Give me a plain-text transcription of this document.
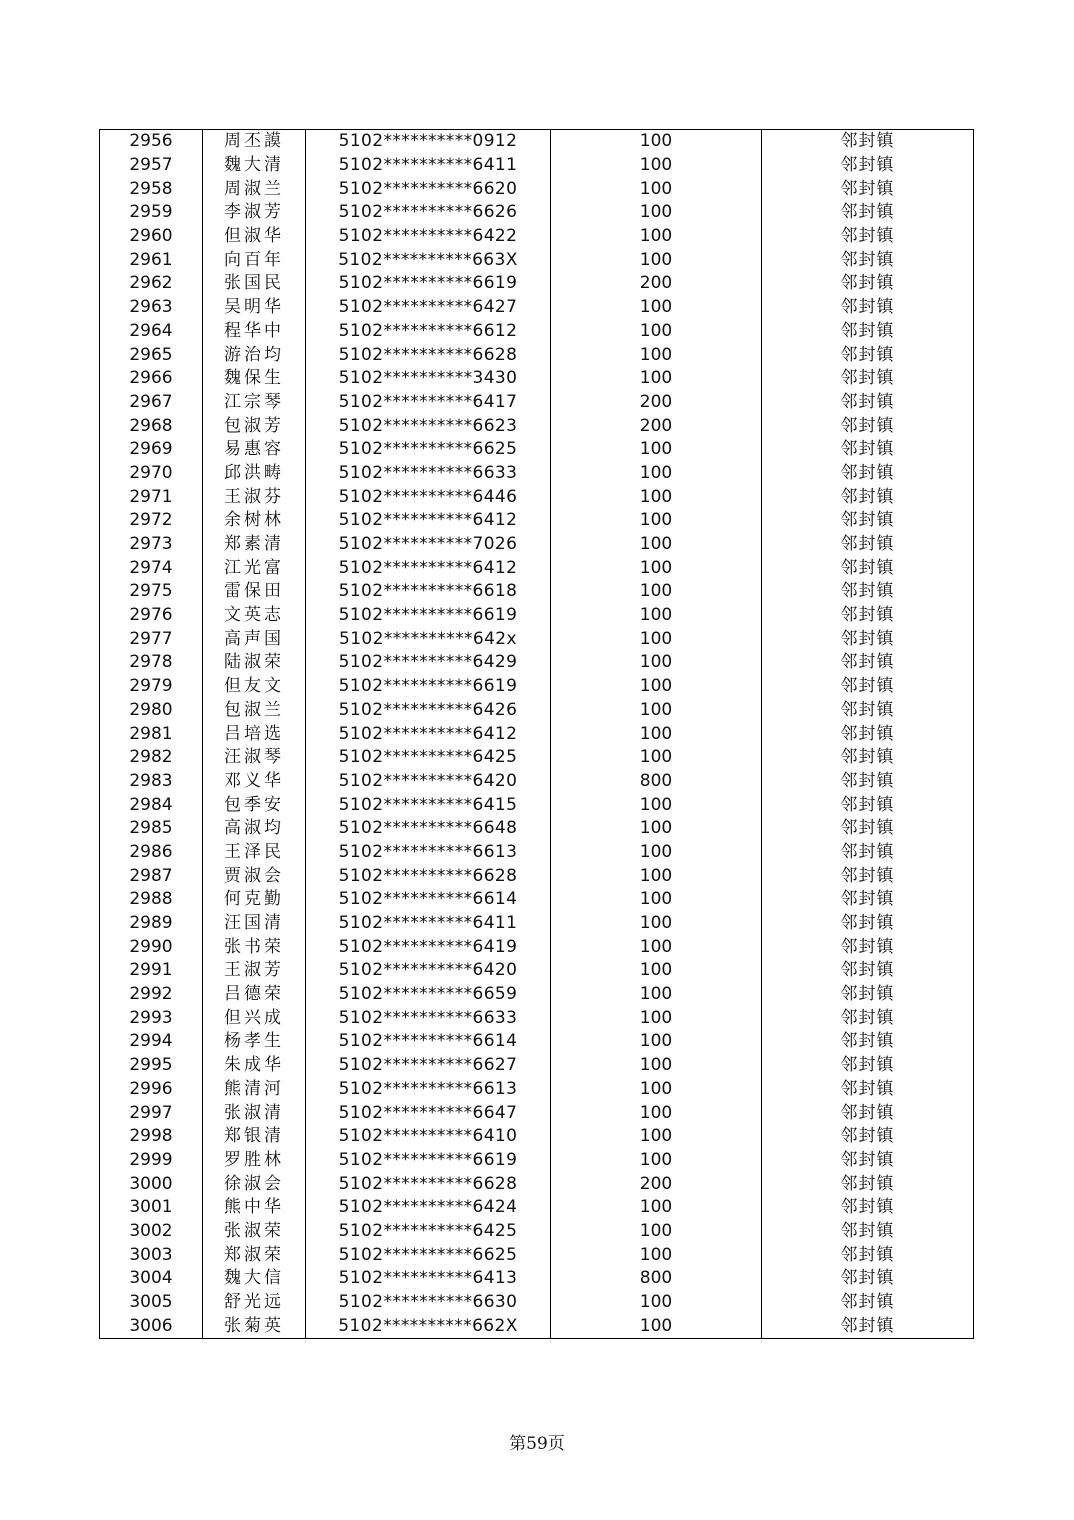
2956	周丕謨	5102**********0912	100	邻封镇
2957	魏大清	5102**********6411	100	邻封镇
2958	周淑兰	5102**********6620	100	邻封镇
2959	李淑芳	5102**********6626	100	邻封镇
2960	但淑华	5102**********6422	100	邻封镇
2961	向百年	5102**********663X	100	邻封镇
2962	张国民	5102**********6619	200	邻封镇
2963	吴明华	5102**********6427	100	邻封镇
2964	程华中	5102**********6612	100	邻封镇
2965	游治均	5102**********6628	100	邻封镇
2966	魏保生	5102**********3430	100	邻封镇
2967	江宗琴	5102**********6417	200	邻封镇
2968	包淑芳	5102**********6623	200	邻封镇
2969	易惠容	5102**********6625	100	邻封镇
2970	邱洪畴	5102**********6633	100	邻封镇
2971	王淑芬	5102**********6446	100	邻封镇
2972	余树林	5102**********6412	100	邻封镇
2973	郑素清	5102**********7026	100	邻封镇
2974	江光富	5102**********6412	100	邻封镇
2975	雷保田	5102**********6618	100	邻封镇
2976	文英志	5102**********6619	100	邻封镇
2977	高声国	5102**********642x	100	邻封镇
2978	陆淑荣	5102**********6429	100	邻封镇
2979	但友文	5102**********6619	100	邻封镇
2980	包淑兰	5102**********6426	100	邻封镇
2981	吕培选	5102**********6412	100	邻封镇
2982	汪淑琴	5102**********6425	100	邻封镇
2983	邓义华	5102**********6420	800	邻封镇
2984	包季安	5102**********6415	100	邻封镇
2985	高淑均	5102**********6648	100	邻封镇
2986	王泽民	5102**********6613	100	邻封镇
2987	贾淑会	5102**********6628	100	邻封镇
2988	何克勤	5102**********6614	100	邻封镇
2989	汪国清	5102**********6411	100	邻封镇
2990	张书荣	5102**********6419	100	邻封镇
2991	王淑芳	5102**********6420	100	邻封镇
2992	吕德荣	5102**********6659	100	邻封镇
2993	但兴成	5102**********6633	100	邻封镇
2994	杨孝生	5102**********6614	100	邻封镇
2995	朱成华	5102**********6627	100	邻封镇
2996	熊清河	5102**********6613	100	邻封镇
2997	张淑清	5102**********6647	100	邻封镇
2998	郑银清	5102**********6410	100	邻封镇
2999	罗胜林	5102**********6619	100	邻封镇
3000	徐淑会	5102**********6628	200	邻封镇
3001	熊中华	5102**********6424	100	邻封镇
3002	张淑荣	5102**********6425	100	邻封镇
3003	郑淑荣	5102**********6625	100	邻封镇
3004	魏大信	5102**********6413	800	邻封镇
3005	舒光远	5102**********6630	100	邻封镇
3006	张菊英	5102**********662X	100	邻封镇
第59页
